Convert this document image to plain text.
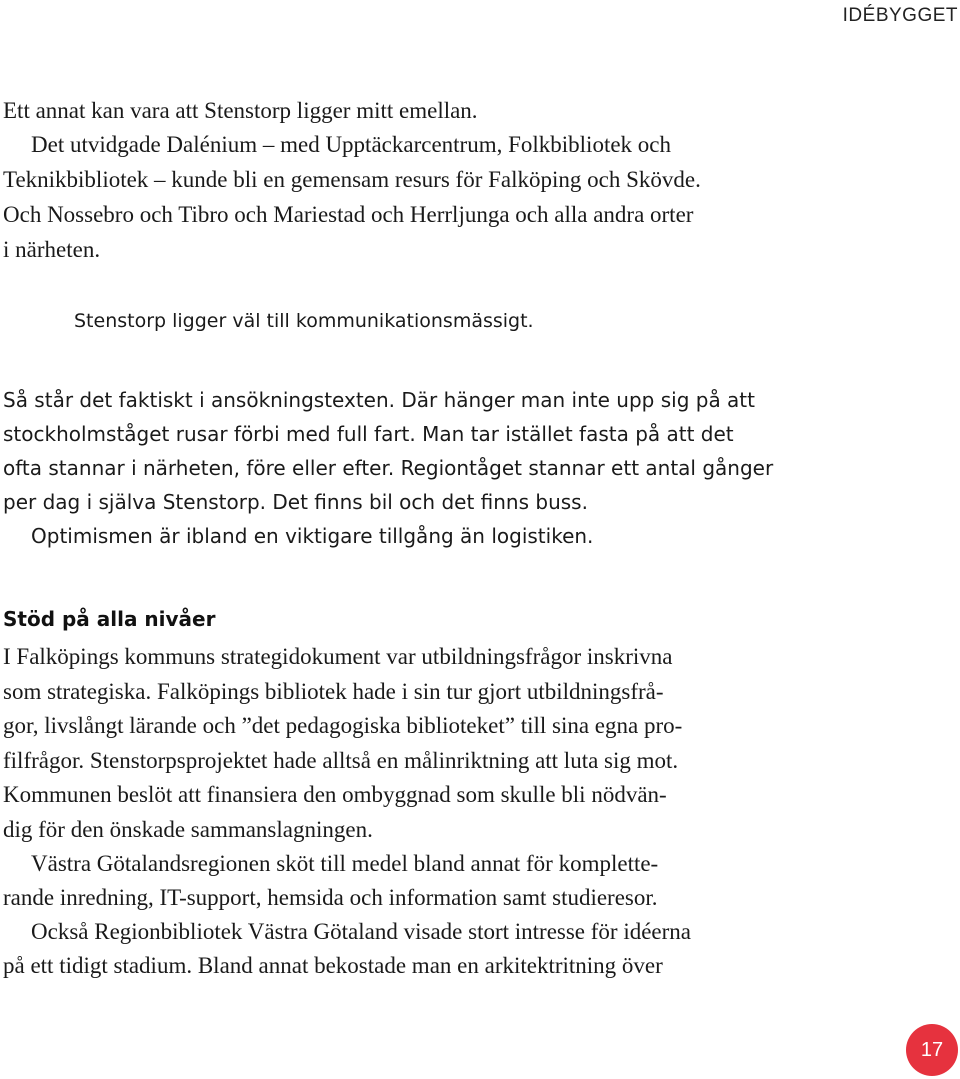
IDÉBYGGET
Ett annat kan vara att Stenstorp ligger mitt emellan.
Det utvidgade Dalénium – med Upptäckarcentrum, Folkbibliotek och
Teknikbibliotek – kunde bli en gemensam resurs för Falköping och Skövde.
Och Nossebro och Tibro och Mariestad och Herrljunga och alla andra orter
i närheten.
Stenstorp ligger väl till kommunikationsmässigt.
Så står det faktiskt i ansökningstexten. Där hänger man inte upp sig på att
stockholmståget rusar förbi med full fart. Man tar istället fasta på att det
ofta stannar i närheten, före eller efter. Regiontåget stannar ett antal gånger
per dag i själva Stenstorp. Det finns bil och det finns buss.
Optimismen är ibland en viktigare tillgång än logistiken.
Stöd på alla nivåer
I Falköpings kommuns strategidokument var utbildningsfrågor inskrivna
som strategiska. Falköpings bibliotek hade i sin tur gjort utbildningsfrå-
gor, livslångt lärande och ”det pedagogiska biblioteket” till sina egna pro-
filfrågor. Stenstorpsprojektet hade alltså en målinriktning att luta sig mot.
Kommunen beslöt att finansiera den ombyggnad som skulle bli nödvän-
dig för den önskade sammanslagningen.
Västra Götalandsregionen sköt till medel bland annat för komplette-
rande inredning, IT-support, hemsida och information samt studieresor.
Också Regionbibliotek Västra Götaland visade stort intresse för idéerna
på ett tidigt stadium. Bland annat bekostade man en arkitektritning över
17
